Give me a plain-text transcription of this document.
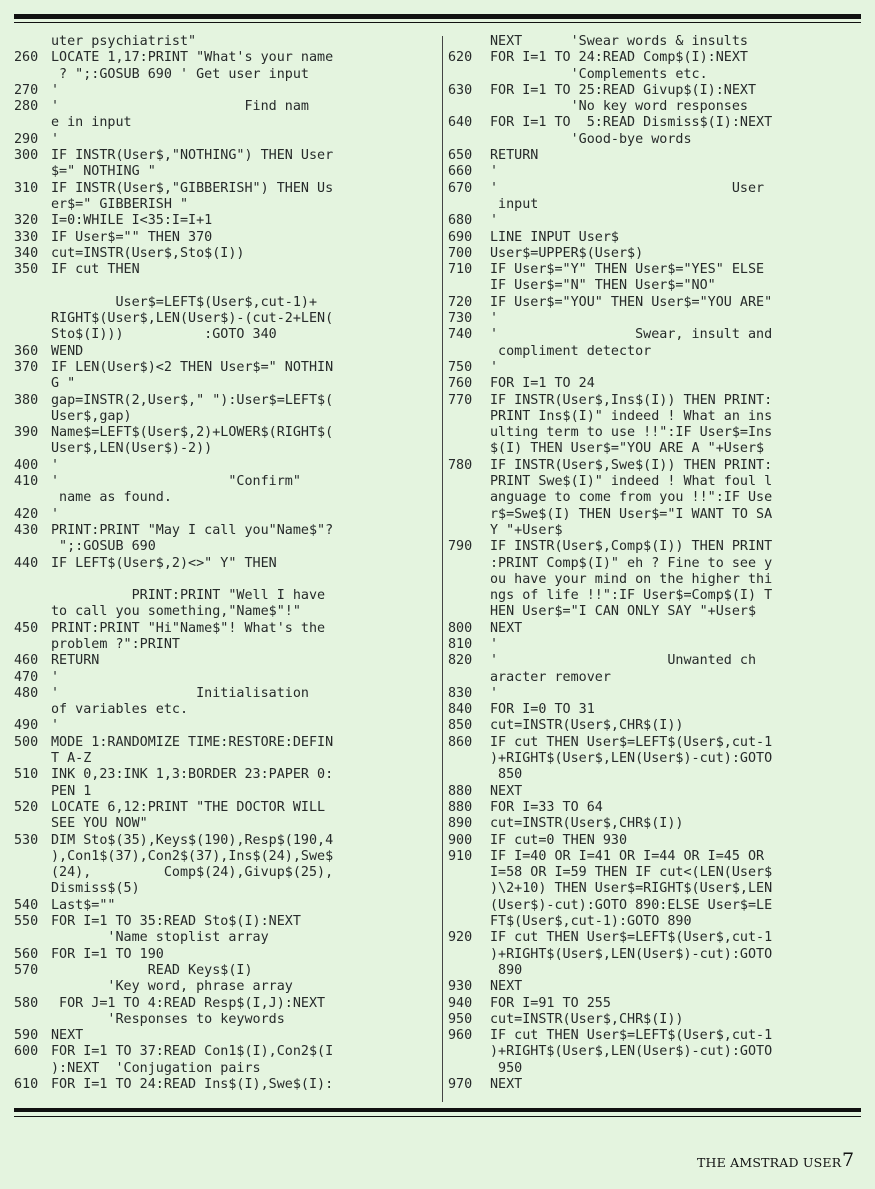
uter psychiatrist"
260 LOCATE 1,17:PRINT "What's your name
? ";:GOSUB 690 ' Get user input
270 '
280 '                       Find nam
e in input
290 '
300 IF INSTR(User$,"NOTHING") THEN User
$=" NOTHING "
310 IF INSTR(User$,"GIBBERISH") THEN Us
er$=" GIBBERISH "
320 I=0:WHILE I<35:I=I+1
330 IF User$="" THEN 370
340 cut=INSTR(User$,Sto$(I))
350 IF cut THEN
User$=LEFT$(User$,cut-1)+
RIGHT$(User$,LEN(User$)-(cut-2+LEN(
Sto$(I)))          :GOTO 340
360 WEND
370 IF LEN(User$)<2 THEN User$=" NOTHIN
G "
380 gap=INSTR(2,User$," "):User$=LEFT$(
User$,gap)
390 Name$=LEFT$(User$,2)+LOWER$(RIGHT$(
User$,LEN(User$)-2))
400 '
410 '                     "Confirm"
name as found.
420 '
430 PRINT:PRINT "May I call you"Name$"?
";:GOSUB 690
440 IF LEFT$(User$,2)<>" Y" THEN
PRINT:PRINT "Well I have
to call you something,"Name$"!"
450 PRINT:PRINT "Hi"Name$"! What's the
problem ?":PRINT
460 RETURN
470 '
480 '                 Initialisation
of variables etc.
490 '
500 MODE 1:RANDOMIZE TIME:RESTORE:DEFIN
T A-Z
510 INK 0,23:INK 1,3:BORDER 23:PAPER 0:
PEN 1
520 LOCATE 6,12:PRINT "THE DOCTOR WILL
SEE YOU NOW"
530 DIM Sto$(35),Keys$(190),Resp$(190,4
),Con1$(37),Con2$(37),Ins$(24),Swe$
(24),         Comp$(24),Givup$(25),
Dismiss$(5)
540 Last$=""
550 FOR I=1 TO 35:READ Sto$(I):NEXT
'Name stoplist array
560 FOR I=1 TO 190
570 READ Keys$(I)
'Key word, phrase array
580 FOR J=1 TO 4:READ Resp$(I,J):NEXT
'Responses to keywords
590 NEXT
600 FOR I=1 TO 37:READ Con1$(I),Con2$(I
):NEXT  'Conjugation pairs
610 FOR I=1 TO 24:READ Ins$(I),Swe$(I):
NEXT      'Swear words & insults
620	FOR I=1 TO 24:READ Comp$(I):NEXT
'Complements etc.
630	FOR I=1 TO 25:READ Givup$(I):NEXT
'No key word responses
640	FOR I=1 TO  5:READ Dismiss$(I):NEXT
'Good-bye words
650	RETURN
660	'
670	'                             User
input
680	'
690	LINE INPUT User$
700	User$=UPPER$(User$)
710	IF User$="Y" THEN User$="YES" ELSE
IF User$="N" THEN User$="NO"
720	IF User$="YOU" THEN User$="YOU ARE"
730	'
740	'                 Swear, insult and
compliment detector
750	'
760	FOR I=1 TO 24
770	IF INSTR(User$,Ins$(I)) THEN PRINT:
PRINT Ins$(I)" indeed ! What an ins
ulting term to use !!":IF User$=Ins
$(I) THEN User$="YOU ARE A "+User$
780	IF INSTR(User$,Swe$(I)) THEN PRINT:
PRINT Swe$(I)" indeed ! What foul l
anguage to come from you !!":IF Use
r$=Swe$(I) THEN User$="I WANT TO SA
Y "+User$
790	IF INSTR(User$,Comp$(I)) THEN PRINT
:PRINT Comp$(I)" eh ? Fine to see y
ou have your mind on the higher thi
ngs of life !!":IF User$=Comp$(I) T
HEN User$="I CAN ONLY SAY "+User$
800	NEXT
810	'
820	'                     Unwanted ch
aracter remover
830	'
840	FOR I=0 TO 31
850	cut=INSTR(User$,CHR$(I))
860	IF cut THEN User$=LEFT$(User$,cut-1
)+RIGHT$(User$,LEN(User$)-cut):GOTO
850
880	NEXT
880	FOR I=33 TO 64
890	cut=INSTR(User$,CHR$(I))
900	IF cut=0 THEN 930
910	IF I=40 OR I=41 OR I=44 OR I=45 OR
I=58 OR I=59 THEN IF cut<(LEN(User$
)\2+10) THEN User$=RIGHT$(User$,LEN
(User$)-cut):GOTO 890:ELSE User$=LE
FT$(User$,cut-1):GOTO 890
920	IF cut THEN User$=LEFT$(User$,cut-1
)+RIGHT$(User$,LEN(User$)-cut):GOTO
890
930	NEXT
940	FOR I=91 TO 255
950	cut=INSTR(User$,CHR$(I))
960	IF cut THEN User$=LEFT$(User$,cut-1
)+RIGHT$(User$,LEN(User$)-cut):GOTO
950
970	NEXT
THE AMSTRAD USER 7
